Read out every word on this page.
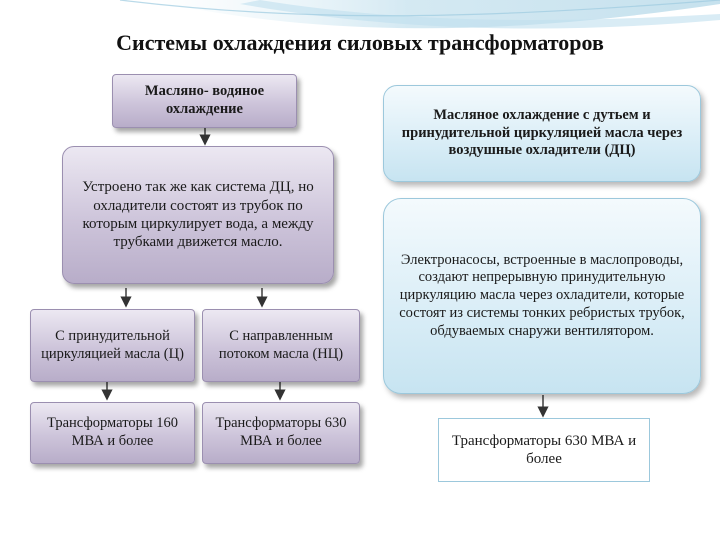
Системы охлаждения силовых трансформаторов
Масляно- водяное охлаждение
Устроено так же как система ДЦ, но охладители состоят из трубок по которым циркулирует вода, а между трубками движется масло.
С принудительной циркуляцией масла (Ц)
С направленным потоком масла (НЦ)
Трансформаторы 160 МВА и более
Трансформаторы 630 МВА и более
Масляное охлаждение с дутьем и принудительной циркуляцией масла через воздушные охладители (ДЦ)
Электронасосы, встроенные в маслопроводы, создают непрерывную принудительную циркуляцию масла через охладители, которые состоят из системы тонких ребристых трубок, обдуваемых снаружи вентилятором.
Трансформаторы 630 МВА и более
